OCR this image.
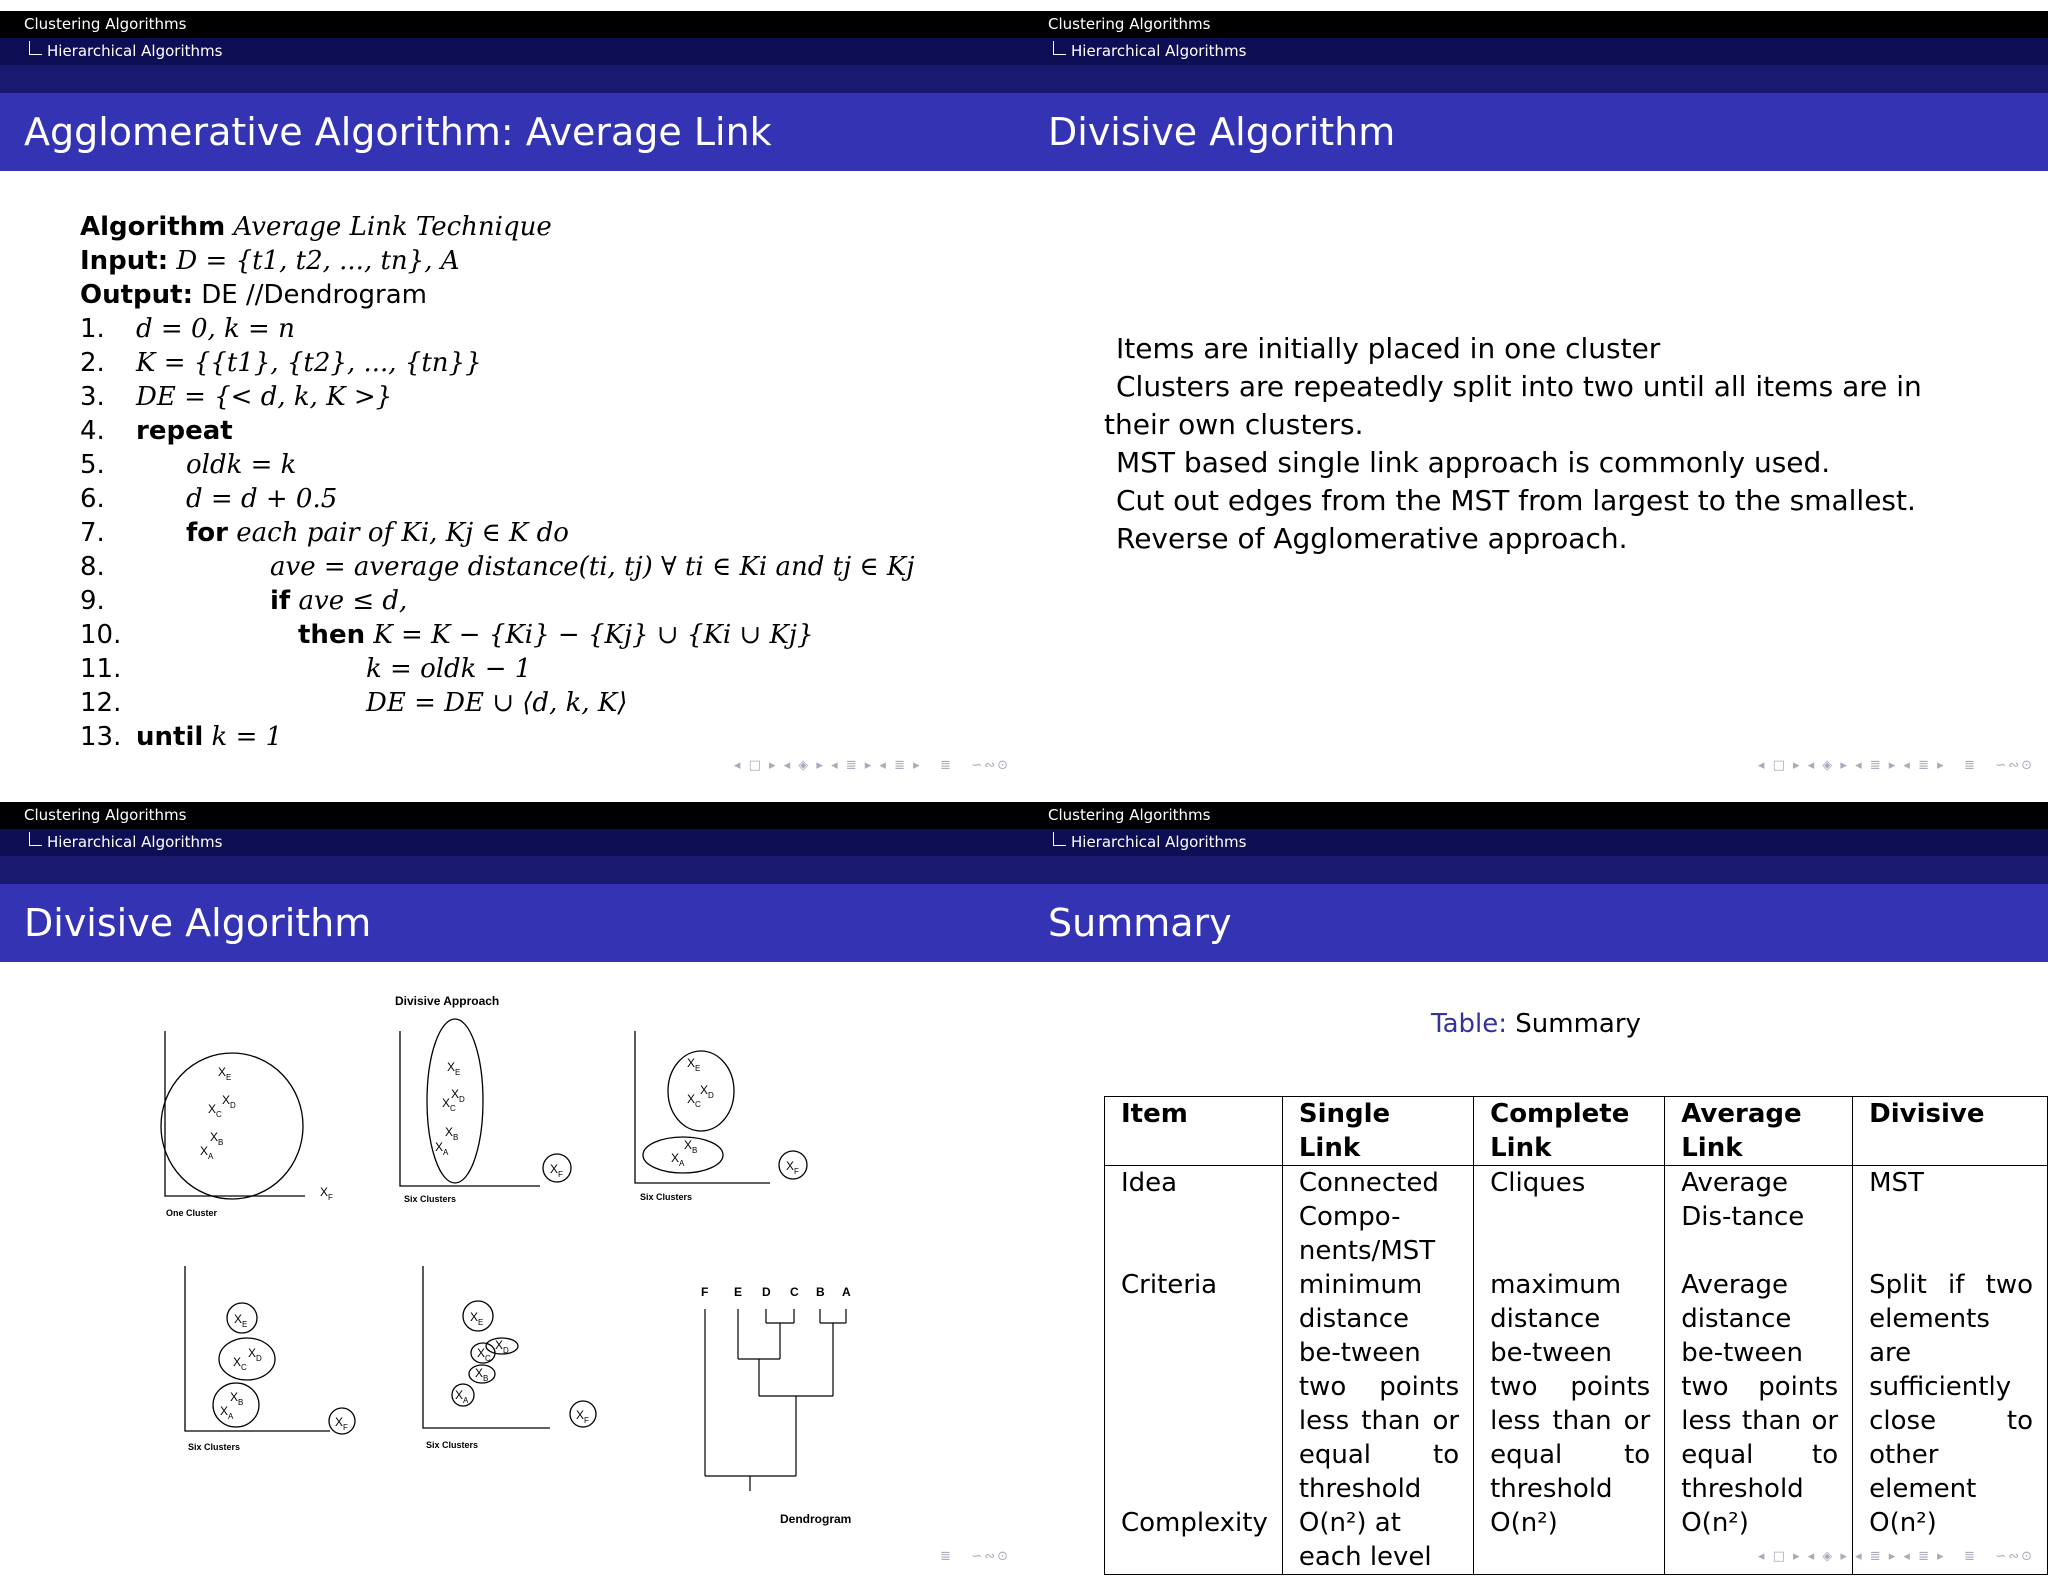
Clustering Algorithms
Hierarchical Algorithms
Agglomerative Algorithm: Average Link
Algorithm Average Link Technique
Input: D = {t1, t2, ..., tn}, A
Output: DE //Dendrogram
1.	d = 0, k = n
2.	K = {{t1}, {t2}, ..., {tn}}
3.	DE = {< d, k, K >}
4.	repeat
5.	oldk = k
6.	d = d + 0.5
7.	for each pair of Ki, Kj ∈ K do
8.	ave = average distance(ti, tj) ∀ ti ∈ Ki and tj ∈ Kj
9.	if ave ≤ d,
10.	then K = K − {Ki} − {Kj} ∪ {Ki ∪ Kj}
11.	k = oldk − 1
12.	DE = DE ∪ ⟨d, k, K⟩
13. until k = 1
◂ □ ▸ ◂ ◈ ▸ ◂ ≣ ▸ ◂ ≣ ▸   ≣   ∽∾⊙
Clustering Algorithms
Hierarchical Algorithms
Divisive Algorithm

Items are initially placed in one cluster

Clusters are repeatedly split into two until all items are in their own clusters.

MST based single link approach is commonly used.

Cut out edges from the MST from largest to the smallest.

Reverse of Agglomerative approach.

◂ □ ▸ ◂ ◈ ▸ ◂ ≣ ▸ ◂ ≣ ▸   ≣   ∽∾⊙
Clustering Algorithms
Hierarchical Algorithms
Divisive Algorithm
Divisive Approach
X E
X C
X D
X B
X A
X F
One Cluster
X E
X D
X C
X B
X A
X F
Six Clusters
X E
X D
X C
X B
X A	X F
Six Clusters
X E
X D
X C
X B
X A	X F
Six Clusters
X E
X D
X C
X B
X A
X F
Six Clusters
F E D C B A
Dendrogram
≣   ∽∾⊙
Clustering Algorithms
Hierarchical Algorithms
Summary
Table: Summary
Item	Single Link	Complete Link	Average Link	Divisive
Idea	Connected Compo-nents/MST	Cliques	Average Dis-tance	MST
Criteria	minimum distance be-tween two points less than or equal to threshold	maximum distance be-tween two points less than or equal to threshold	Average distance be-tween two points less than or equal to threshold	Split if two elements are sufficiently close to other element
Complexity	O(n²) at each level	O(n²)	O(n²)	O(n²)
◂ □ ▸ ◂ ◈ ▸ ◂ ≣ ▸ ◂ ≣ ▸   ≣   ∽∾⊙
